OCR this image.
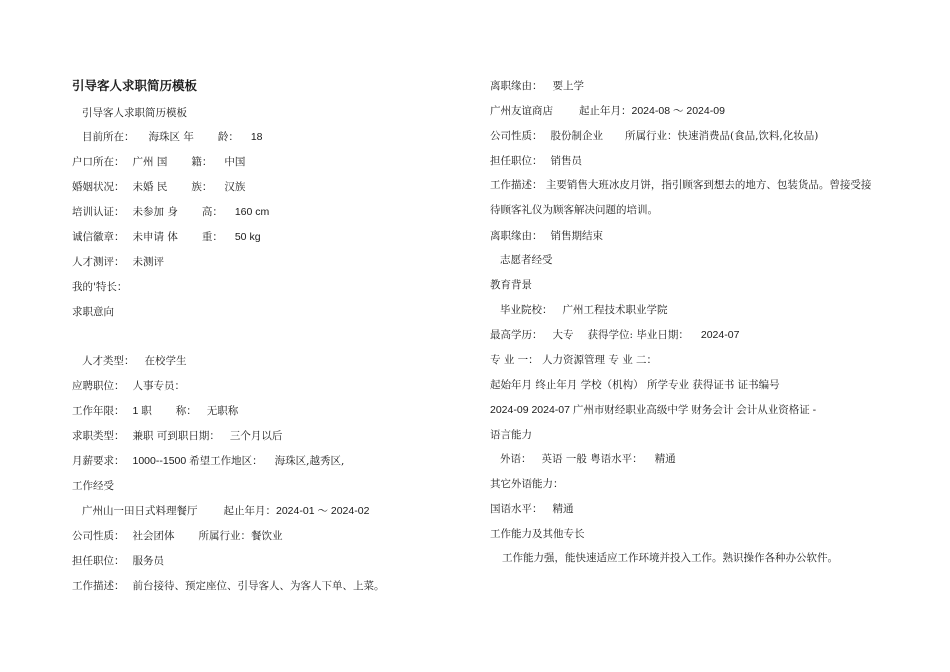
引导客人求职简历模板
引导客人求职简历模板
目前所在： 海珠区 年 龄： 18
户口所在： 广州 国 籍： 中国
婚姻状况： 未婚 民 族： 汉族
培训认证： 未参加 身 高： 160 cm
诚信徽章： 未申请 体 重： 50 kg
人才测评： 未测评
我的'特长：
求职意向
人才类型： 在校学生
应聘职位： 人事专员：
工作年限： 1 职 称： 无职称
求职类型： 兼职 可到职日期： 三个月以后
月薪要求： 1000--1500 希望工作地区： 海珠区,越秀区,
工作经受
广州山一田日式料理餐厅 起止年月：2024-01 ～ 2024-02
公司性质： 社会团体 所属行业：餐饮业
担任职位： 服务员
工作描述： 前台接待、预定座位、引导客人、为客人下单、上菜。
离职缘由： 要上学
广州友谊商店 起止年月：2024-08 ～ 2024-09
公司性质： 股份制企业 所属行业：快速消费品(食品,饮料,化妆品)
担任职位： 销售员
工作描述： 主要销售大班冰皮月饼，指引顾客到想去的地方、包装货品。曾接受接待顾客礼仪为顾客解决问题的培训。
离职缘由： 销售期结束
志愿者经受
教育背景
毕业院校： 广州工程技术职业学院
最高学历： 大专 获得学位: 毕业日期： 2024-07
专 业 一： 人力资源管理 专 业 二：
起始年月 终止年月 学校（机构） 所学专业 获得证书 证书编号
2024-09 2024-07 广州市财经职业高级中学 财务会计 会计从业资格证 -
语言能力
外语： 英语 一般 粤语水平： 精通
其它外语能力：
国语水平： 精通
工作能力及其他专长
工作能力强，能快速适应工作环境并投入工作。熟识操作各种办公软件。
